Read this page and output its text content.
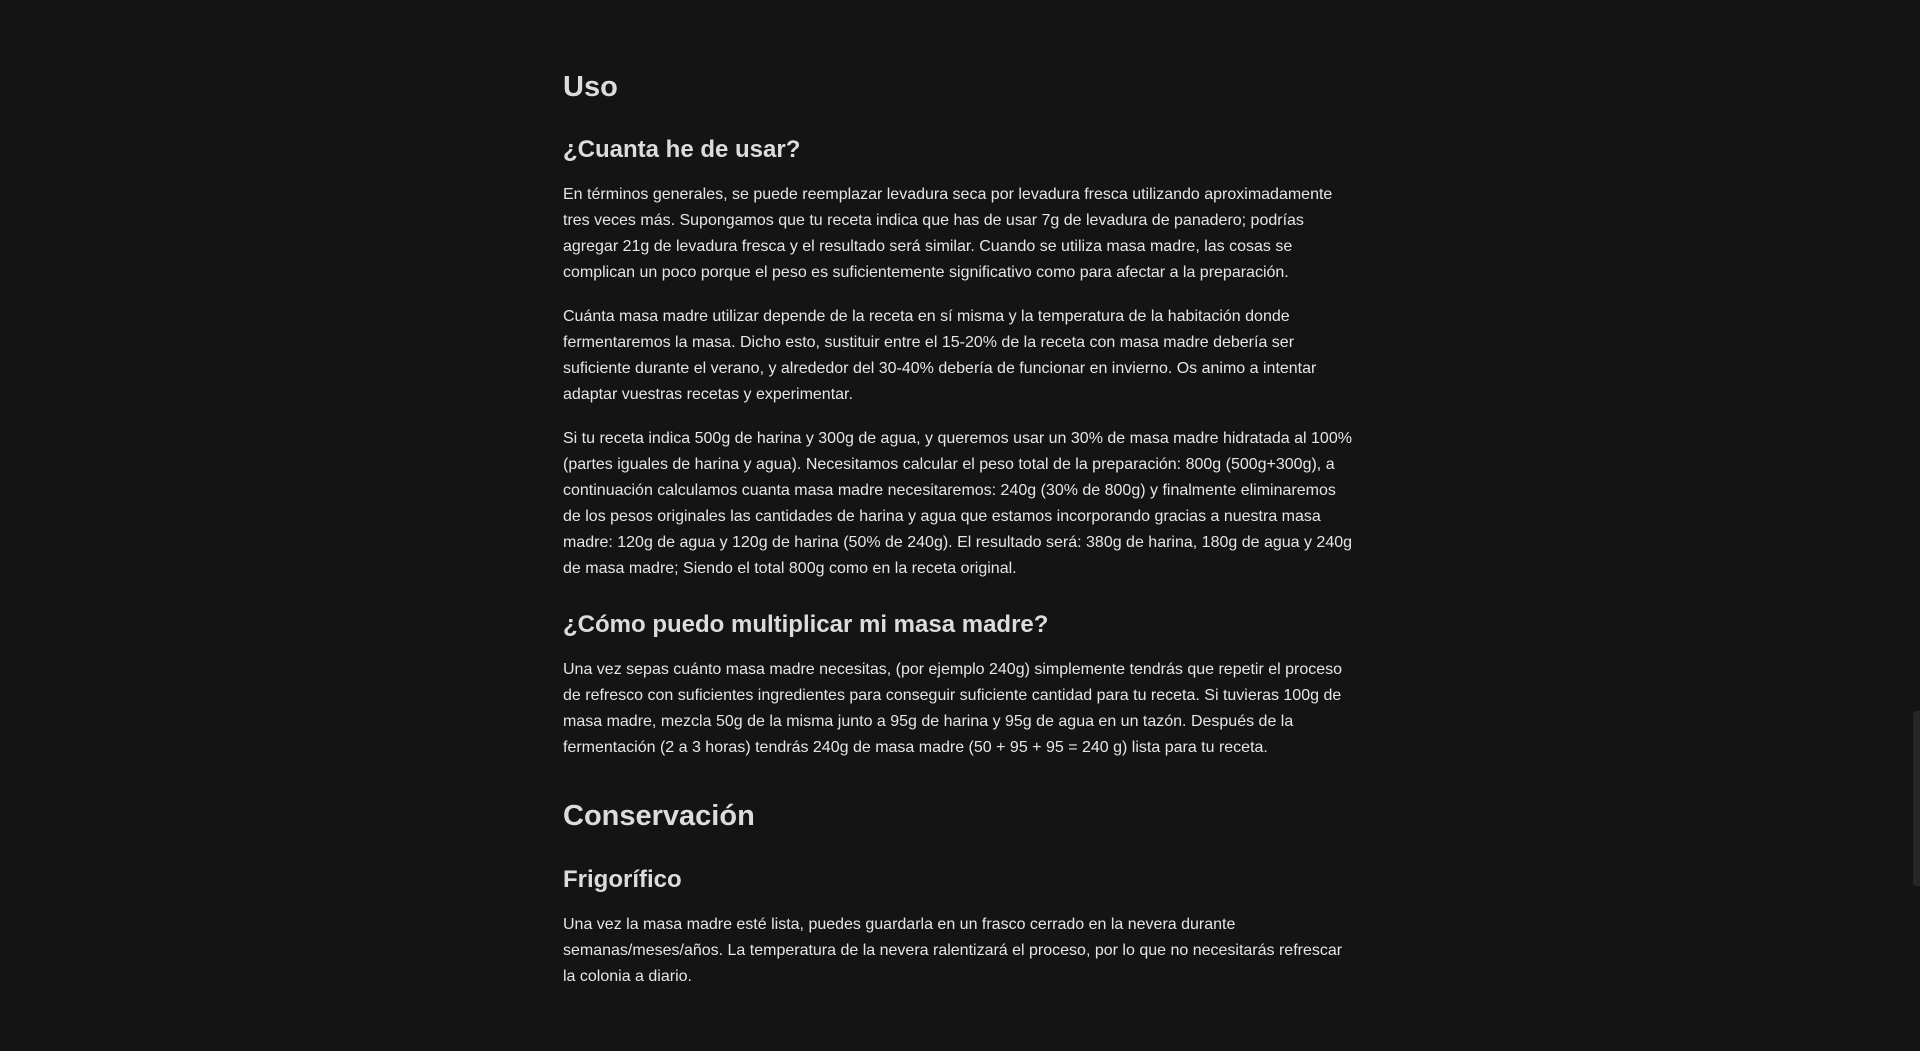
Uso
¿Cuanta he de usar?

En términos generales, se puede reemplazar levadura seca por levadura fresca utilizando aproximadamente tres veces más. Supongamos que tu receta indica que has de usar 7g de levadura de panadero; podrías agregar 21g de levadura fresca y el resultado será similar. Cuando se utiliza masa madre, las cosas se complican un poco porque el peso es suficientemente significativo como para afectar a la preparación.

Cuánta masa madre utilizar depende de la receta en sí misma y la temperatura de la habitación donde fermentaremos la masa. Dicho esto, sustituir entre el 15-20% de la receta con masa madre debería ser suficiente durante el verano, y alrededor del 30-40% debería de funcionar en invierno. Os animo a intentar adaptar vuestras recetas y experimentar.

Si tu receta indica 500g de harina y 300g de agua, y queremos usar un 30% de masa madre hidratada al 100% (partes iguales de harina y agua). Necesitamos calcular el peso total de la preparación: 800g (500g+300g), a continuación calculamos cuanta masa madre necesitaremos: 240g (30% de 800g) y finalmente eliminaremos de los pesos originales las cantidades de harina y agua que estamos incorporando gracias a nuestra masa madre: 120g de agua y 120g de harina (50% de 240g). El resultado será: 380g de harina, 180g de agua y 240g de masa madre; Siendo el total 800g como en la receta original.

¿Cómo puedo multiplicar mi masa madre?

Una vez sepas cuánto masa madre necesitas, (por ejemplo 240g) simplemente tendrás que repetir el proceso de refresco con suficientes ingredientes para conseguir suficiente cantidad para tu receta. Si tuvieras 100g de masa madre, mezcla 50g de la misma junto a 95g de harina y 95g de agua en un tazón. Después de la fermentación (2 a 3 horas) tendrás 240g de masa madre (50 + 95 + 95 = 240 g) lista para tu receta.

Conservación
Frigorífico

Una vez la masa madre esté lista, puedes guardarla en un frasco cerrado en la nevera durante semanas/meses/años. La temperatura de la nevera ralentizará el proceso, por lo que no necesitarás refrescar la colonia a diario.
